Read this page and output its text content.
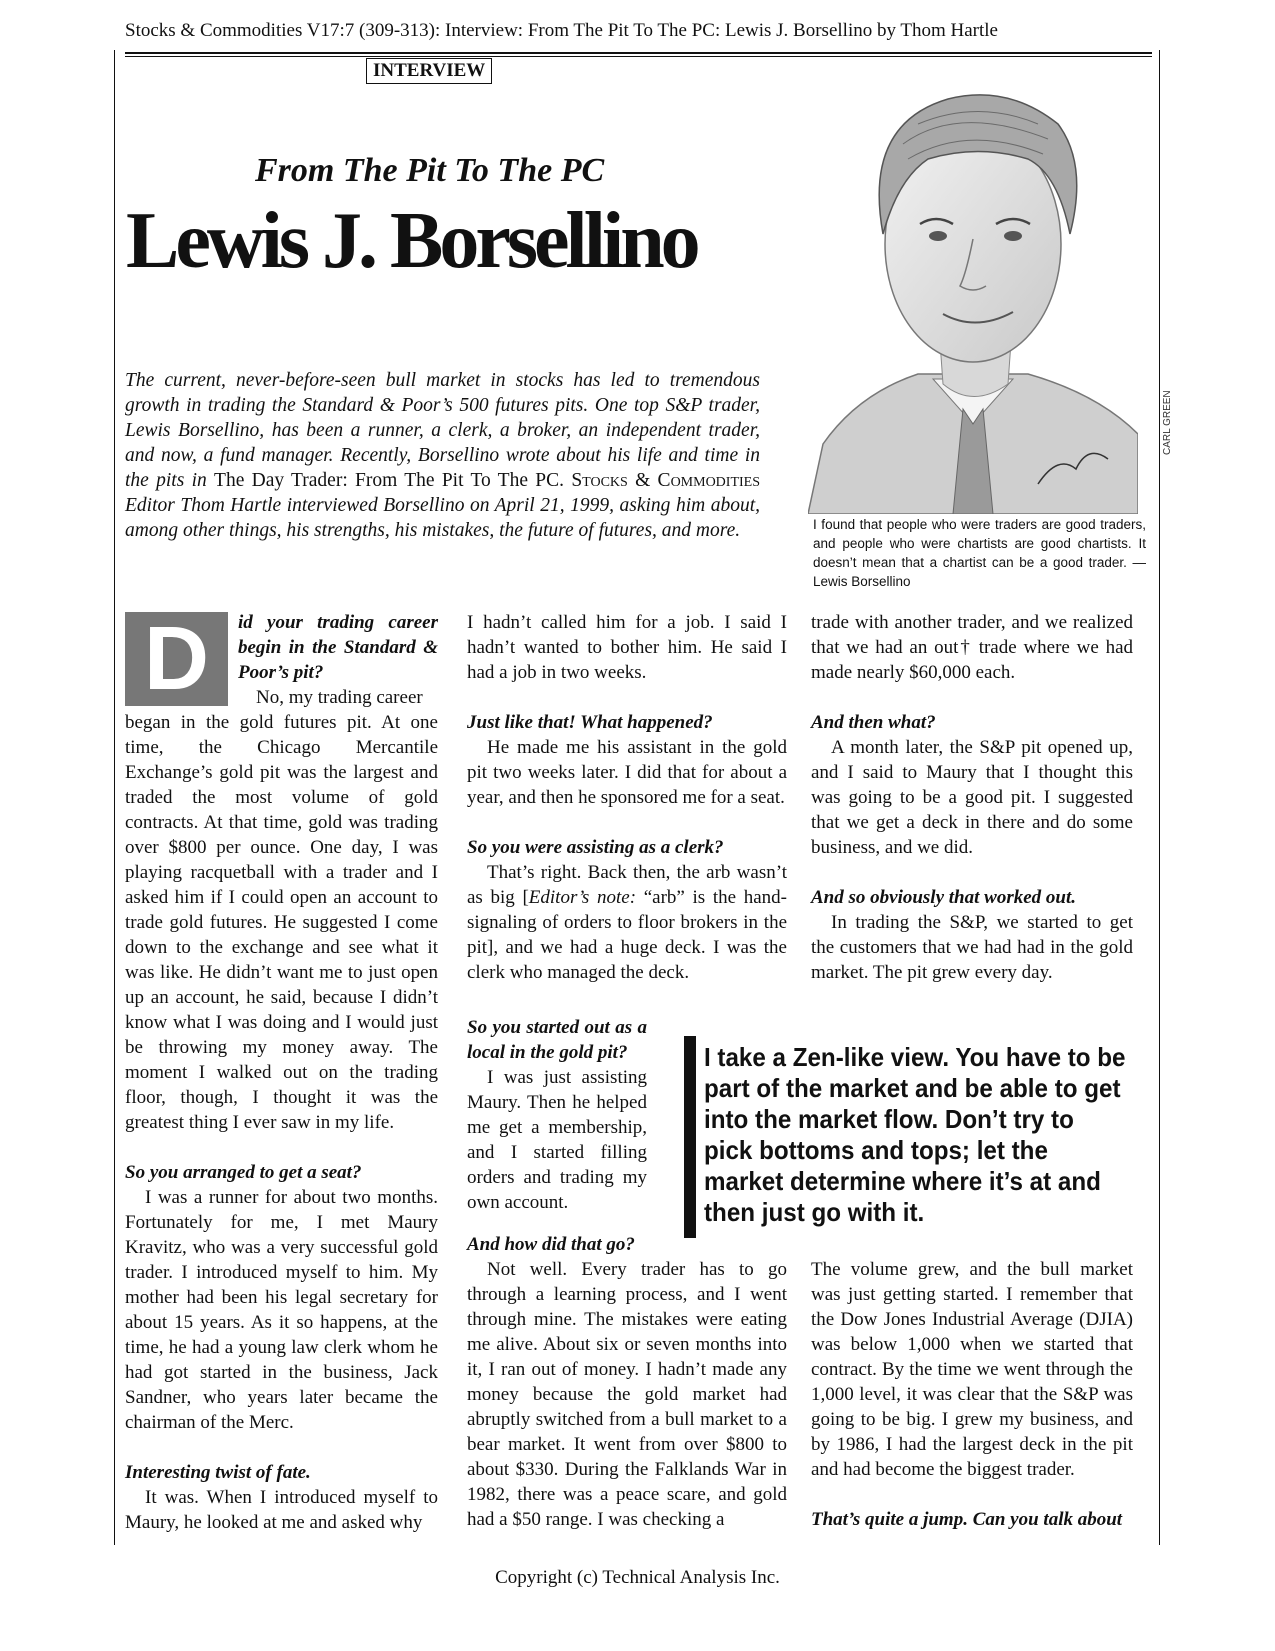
Stocks & Commodities V17:7 (309-313): Interview: From The Pit To The PC: Lewis J. Borsellino by Thom Hartle
INTERVIEW
From The Pit To The PC
Lewis J. Borsellino
The current, never-before-seen bull market in stocks has led to tremendous growth in trading the Standard & Poor’s 500 futures pits. One top S&P trader, Lewis Borsellino, has been a runner, a clerk, a broker, an independent trader, and now, a fund manager. Recently, Borsellino wrote about his life and time in the pits in The Day Trader: From The Pit To The PC. Stocks & Commodities Editor Thom Hartle interviewed Borsellino on April 21, 1999, asking him about, among other things, his strengths, his mistakes, the future of futures, and more.
CARL GREEN
I found that people who were traders are good traders, and people who were chartists are good chartists. It doesn’t mean that a chartist can be a good trader. — Lewis Borsellino
D	id your trading career begin in the Standard & Poor’s pit?

No, my trading career

began in the gold futures pit. At one time, the Chicago Mercantile Exchange’s gold pit was the largest and traded the most volume of gold contracts. At that time, gold was trading over $800 per ounce. One day, I was playing racquetball with a trader and I asked him if I could open an account to trade gold futures. He suggested I come down to the exchange and see what it was like. He didn’t want me to just open up an account, he said, because I didn’t know what I was doing and I would just be throwing my money away. The moment I walked out on the trading floor, though, I thought it was the greatest thing I ever saw in my life.

So you arranged to get a seat?

I was a runner for about two months. Fortunately for me, I met Maury Kravitz, who was a very successful gold trader. I introduced myself to him. My mother had been his legal secretary for about 15 years. As it so happens, at the time, he had a young law clerk whom he had got started in the business, Jack Sandner, who years later became the chairman of the Merc.

Interesting twist of fate.

It was. When I introduced myself to Maury, he looked at me and asked why

I hadn’t called him for a job. I said I hadn’t wanted to bother him. He said I had a job in two weeks.

Just like that! What happened?

He made me his assistant in the gold pit two weeks later. I did that for about a year, and then he sponsored me for a seat.

So you were assisting as a clerk?

That’s right. Back then, the arb wasn’t as big [Editor’s note: “arb” is the hand-signaling of orders to floor brokers in the pit], and we had a huge deck. I was the clerk who managed the deck.

So you started out as a local in the gold pit?

I was just assisting Maury. Then he helped me get a membership, and I started filling orders and trading my own account.

And how did that go?

Not well. Every trader has to go through a learning process, and I went through mine. The mistakes were eating me alive. About six or seven months into it, I ran out of money. I hadn’t made any money because the gold market had abruptly switched from a bull market to a bear market. It went from over $800 to about $330. During the Falklands War in 1982, there was a peace scare, and gold had a $50 range. I was checking a

trade with another trader, and we realized that we had an out† trade where we had made nearly $60,000 each.

And then what?

A month later, the S&P pit opened up, and I said to Maury that I thought this was going to be a good pit. I suggested that we get a deck in there and do some business, and we did.

And so obviously that worked out.

In trading the S&P, we started to get the customers that we had had in the gold market. The pit grew every day.

The volume grew, and the bull market was just getting started. I remember that the Dow Jones Industrial Average (DJIA) was below 1,000 when we started that contract. By the time we went through the 1,000 level, it was clear that the S&P was going to be big. I grew my business, and by 1986, I had the largest deck in the pit and had become the biggest trader.

That’s quite a jump. Can you talk about

I take a Zen-like view. You have to be part of the market and be able to get into the market flow. Don’t try to pick bottoms and tops; let the market determine where it’s at and then just go with it.
Copyright (c) Technical Analysis Inc.
